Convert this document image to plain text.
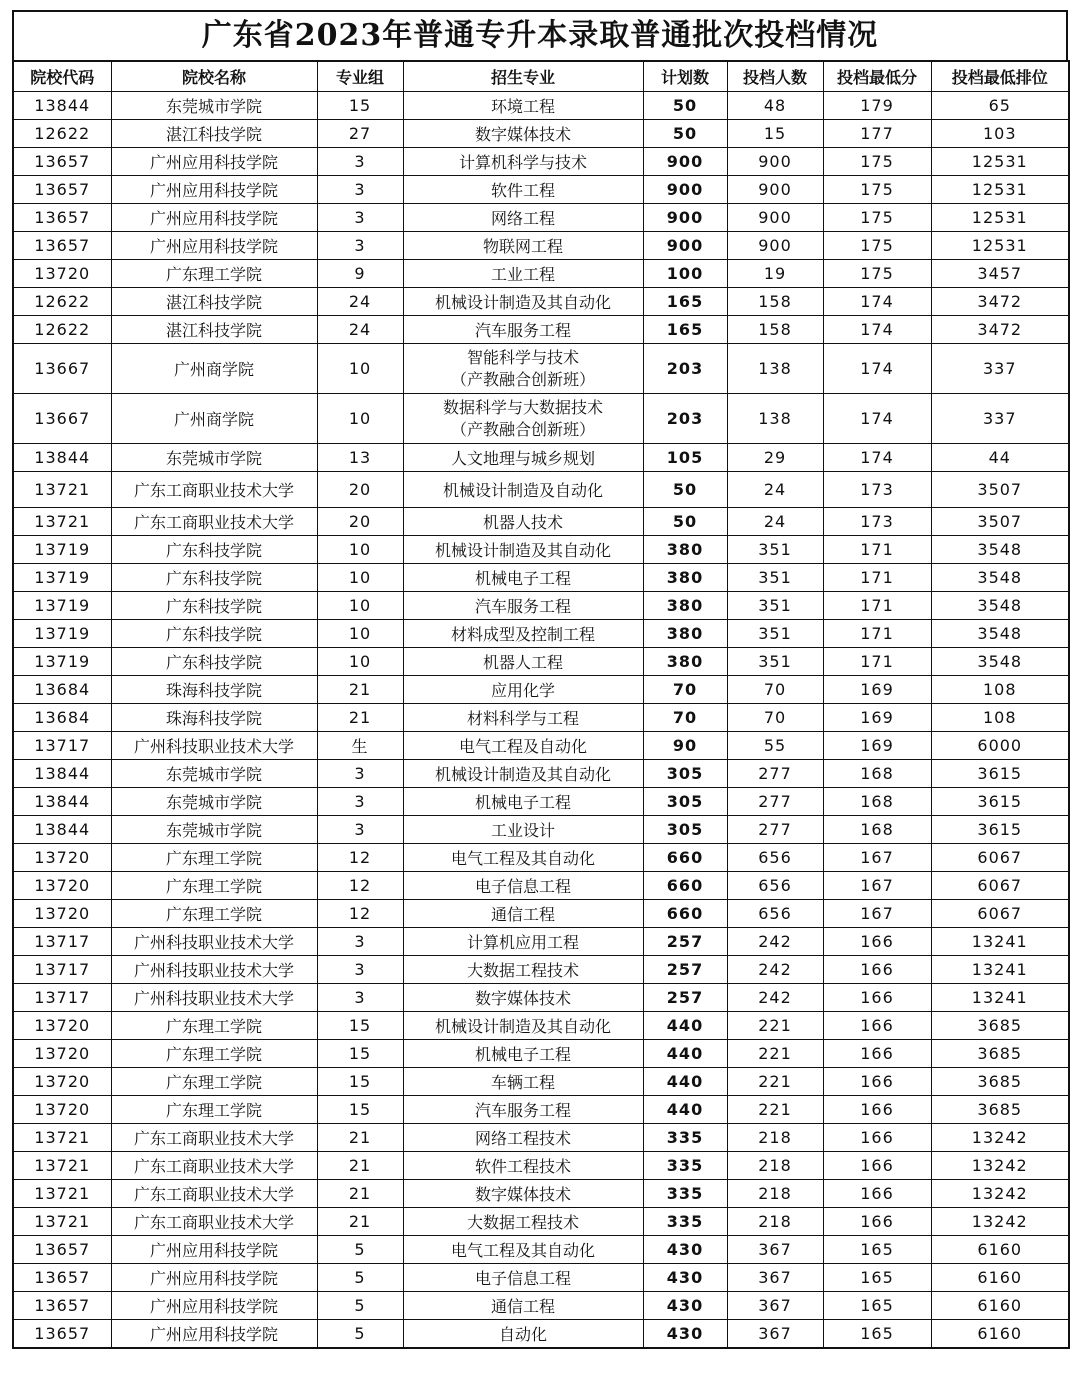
广东省2023年普通专升本录取普通批次投档情况
院校代码	院校名称	专业组	招生专业	计划数	投档人数	投档最低分	投档最低排位
13844	东莞城市学院	15	环境工程	50	48	179	65
12622	湛江科技学院	27	数字媒体技术	50	15	177	103
13657	广州应用科技学院	3	计算机科学与技术	900	900	175	12531
13657	广州应用科技学院	3	软件工程	900	900	175	12531
13657	广州应用科技学院	3	网络工程	900	900	175	12531
13657	广州应用科技学院	3	物联网工程	900	900	175	12531
13720	广东理工学院	9	工业工程	100	19	175	3457
12622	湛江科技学院	24	机械设计制造及其自动化	165	158	174	3472
12622	湛江科技学院	24	汽车服务工程	165	158	174	3472
13667	广州商学院	10	智能科学与技术
（产教融合创新班）	203	138	174	337
13667	广州商学院	10	数据科学与大数据技术
（产教融合创新班）	203	138	174	337
13844	东莞城市学院	13	人文地理与城乡规划	105	29	174	44
13721	广东工商职业技术大学	20	机械设计制造及自动化	50	24	173	3507
13721	广东工商职业技术大学	20	机器人技术	50	24	173	3507
13719	广东科技学院	10	机械设计制造及其自动化	380	351	171	3548
13719	广东科技学院	10	机械电子工程	380	351	171	3548
13719	广东科技学院	10	汽车服务工程	380	351	171	3548
13719	广东科技学院	10	材料成型及控制工程	380	351	171	3548
13719	广东科技学院	10	机器人工程	380	351	171	3548
13684	珠海科技学院	21	应用化学	70	70	169	108
13684	珠海科技学院	21	材料科学与工程	70	70	169	108
13717	广州科技职业技术大学	生	电气工程及自动化	90	55	169	6000
13844	东莞城市学院	3	机械设计制造及其自动化	305	277	168	3615
13844	东莞城市学院	3	机械电子工程	305	277	168	3615
13844	东莞城市学院	3	工业设计	305	277	168	3615
13720	广东理工学院	12	电气工程及其自动化	660	656	167	6067
13720	广东理工学院	12	电子信息工程	660	656	167	6067
13720	广东理工学院	12	通信工程	660	656	167	6067
13717	广州科技职业技术大学	3	计算机应用工程	257	242	166	13241
13717	广州科技职业技术大学	3	大数据工程技术	257	242	166	13241
13717	广州科技职业技术大学	3	数字媒体技术	257	242	166	13241
13720	广东理工学院	15	机械设计制造及其自动化	440	221	166	3685
13720	广东理工学院	15	机械电子工程	440	221	166	3685
13720	广东理工学院	15	车辆工程	440	221	166	3685
13720	广东理工学院	15	汽车服务工程	440	221	166	3685
13721	广东工商职业技术大学	21	网络工程技术	335	218	166	13242
13721	广东工商职业技术大学	21	软件工程技术	335	218	166	13242
13721	广东工商职业技术大学	21	数字媒体技术	335	218	166	13242
13721	广东工商职业技术大学	21	大数据工程技术	335	218	166	13242
13657	广州应用科技学院	5	电气工程及其自动化	430	367	165	6160
13657	广州应用科技学院	5	电子信息工程	430	367	165	6160
13657	广州应用科技学院	5	通信工程	430	367	165	6160
13657	广州应用科技学院	5	自动化	430	367	165	6160
